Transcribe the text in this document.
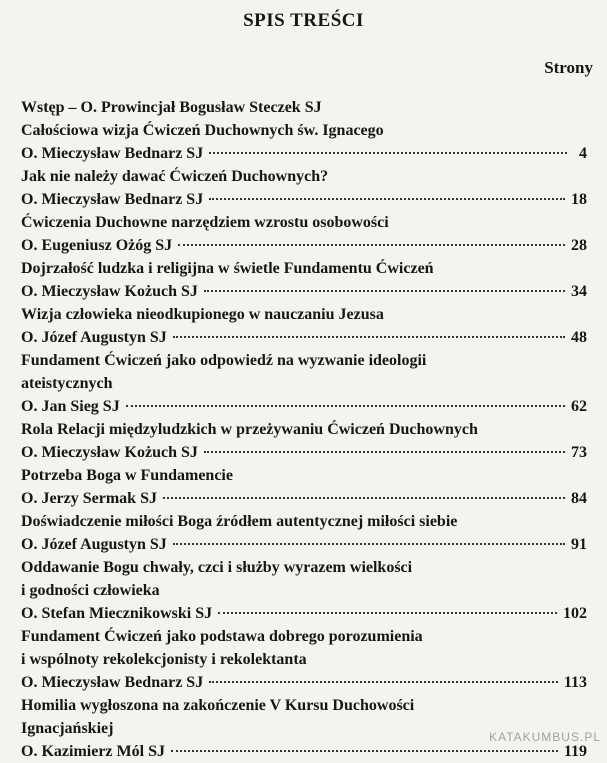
SPIS TREŚCI
Strony
Wstęp – O. Prowincjał Bogusław Steczek SJ
Całościowa wizja Ćwiczeń Duchownych św. Ignacego
O. Mieczysław Bednarz SJ	4
Jak nie należy dawać Ćwiczeń Duchownych?
O. Mieczysław Bednarz SJ	18
Ćwiczenia Duchowne narzędziem wzrostu osobowości
O. Eugeniusz Ożóg SJ	28
Dojrzałość ludzka i religijna w świetle Fundamentu Ćwiczeń
O. Mieczysław Kożuch SJ	34
Wizja człowieka nieodkupionego w nauczaniu Jezusa
O. Józef Augustyn SJ	48
Fundament Ćwiczeń jako odpowiedź na wyzwanie ideologii
ateistycznych
O. Jan Sieg SJ	62
Rola Relacji międzyludzkich w przeżywaniu Ćwiczeń Duchownych
O. Mieczysław Kożuch SJ	73
Potrzeba Boga w Fundamencie
O. Jerzy Sermak SJ	84
Doświadczenie miłości Boga źródłem autentycznej miłości siebie
O. Józef Augustyn SJ	91
Oddawanie Bogu chwały, czci i służby wyrazem wielkości
i godności człowieka
O. Stefan Miecznikowski SJ	102
Fundament Ćwiczeń jako podstawa dobrego porozumienia
i wspólnoty rekolekcjonisty i rekolektanta
O. Mieczysław Bednarz SJ	113
Homilia wygłoszona na zakończenie V Kursu Duchowości
Ignacjańskiej
O. Kazimierz Mól SJ	119
KATAKUMBUS.PL
